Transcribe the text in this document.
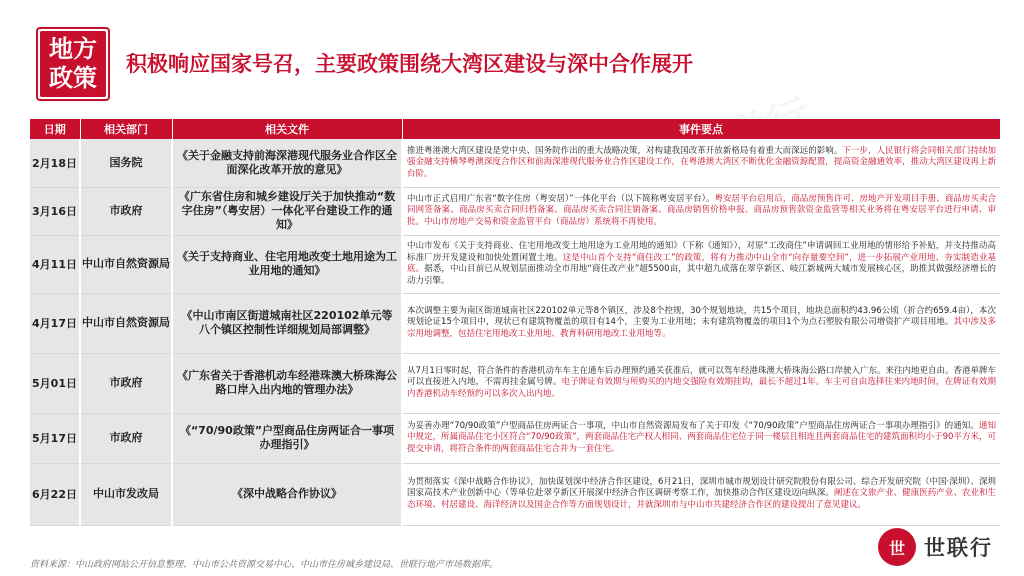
地方
政策 积极响应国家号召，主要政策围绕大湾区建设与深中合作展开
日期	相关部门	相关文件	事件要点
2月18日	国务院	《关于金融支持前海深港现代服务业合作区全面深化改革开放的意见》	推进粤港澳大湾区建设是党中央、国务院作出的重大战略决策，对构建我国改革开放新格局有着重大而深远的影响。下一步，人民银行将会同相关部门持续加强金融支持横琴粤澳深度合作区和前海深港现代服务业合作区建设工作，在粤港澳大湾区不断优化金融资源配置，提高资金融通效率，推动大湾区建设再上新台阶。
3月16日	市政府	《广东省住房和城乡建设厅关于加快推动“数字住房”（粤安居）一体化平台建设工作的通知》	中山市正式启用广东省“数字住房（粤安居）”一体化平台（以下简称粤安居平台）。粤安居平台启用后，商品房预售许可、房地产开发项目手册、商品房买卖合同网签备案、商品房买卖合同归档备案、商品房买卖合同注销备案、商品房销售价格申报、商品房预售款资金监管等相关业务将在粤安居平台进行申请、审批。中山市房地产交易和资金监管平台（商品房）系统将不再使用。
4月11日	中山市自然资源局	《关于支持商业、住宅用地改变土地用途为工业用地的通知》	中山市发布《关于支持商业、住宅用地改变土地用途为工业用地的通知》（下称《通知》），对原“工改商住”申请调回工业用地的情形给予补贴，并支持推动高标准厂房开发建设和加快处置闲置土地。这是中山首个支持“商住改工”的政策，将有力推动中山全市“向存量要空间”，进一步拓展产业用地、夯实制造业基底。据悉，中山目前已从规划层面推动全市用地“商住改产业”超5500亩，其中超九成落在翠亨新区、岐江新城两大城市发展核心区，助推其做强经济增长的动力引擎。
4月17日	中山市自然资源局	《中山市南区街道城南社区220102单元等八个镇区控制性详细规划局部调整》	本次调整主要为南区街道城南社区220102单元等8个镇区，涉及8个控规，30个规划地块，共15个项目，地块总面积约43.96公顷（折合约659.4亩），本次规划论证15个项目中，现状已有建筑物覆盖的项目有14个，主要为工业用地；未有建筑物覆盖的项目1个为点石塑胶有限公司增资扩产项目用地。其中涉及多宗用地调整，包括住宅用地改工业用地、教育科研用地改工业用地等。
5月01日	市政府	《广东省关于香港机动车经港珠澳大桥珠海公路口岸入出内地的管理办法》	从7月1日零时起，符合条件的香港机动车车主在通车后办理预约通关获准后，就可以驾车经港珠澳大桥珠海公路口岸驶入广东。来往内地更自由。香港单牌车可以直接进入内地，不需再挂金属号牌。电子牌证有效期与所购买的内地交强险有效期挂钩，最长不超过1年。车主可自由选择往来内地时间，在牌证有效期内香港机动车经预约可以多次入出内地。
5月17日	市政府	《“70/90政策”户型商品住房两证合一事项办理指引》	为妥善办理“70/90政策”户型商品住房两证合一事项，中山市自然资源局发布了关于印发《“70/90政策”户型商品住房两证合一事项办理指引》的通知。通知中规定，所属商品住宅小区符合“70/90政策”，两套商品住宅产权人相同、两套商品住宅位于同一楼层且相连且两套商品住宅的建筑面积均小于90平方米，可提交申请，将符合条件的两套商品住宅合并为一套住宅。
6月22日	中山市发改局	《深中战略合作协议》	为贯彻落实《深中战略合作协议》，加快谋划深中经济合作区建设，6月21日，深圳市城市规划设计研究院股份有限公司、综合开发研究院（中国·深圳）、深圳国家高技术产业创新中心（等单位赴翠亨新区开展深中经济合作区调研考察工作，加快推动合作区建设迈向纵深。阐述在文旅产业、健康医药产业、农业和生态环境、村居建设、海洋经济以及国企合作等方面规划设计，并就深圳市与中山市共建经济合作区的建设提出了意见建议。
资料来源：中山政府网站公开信息整理、中山市公共资源交易中心、中山市住房城乡建设局、世联行地产市场数据库。
世 世联行
